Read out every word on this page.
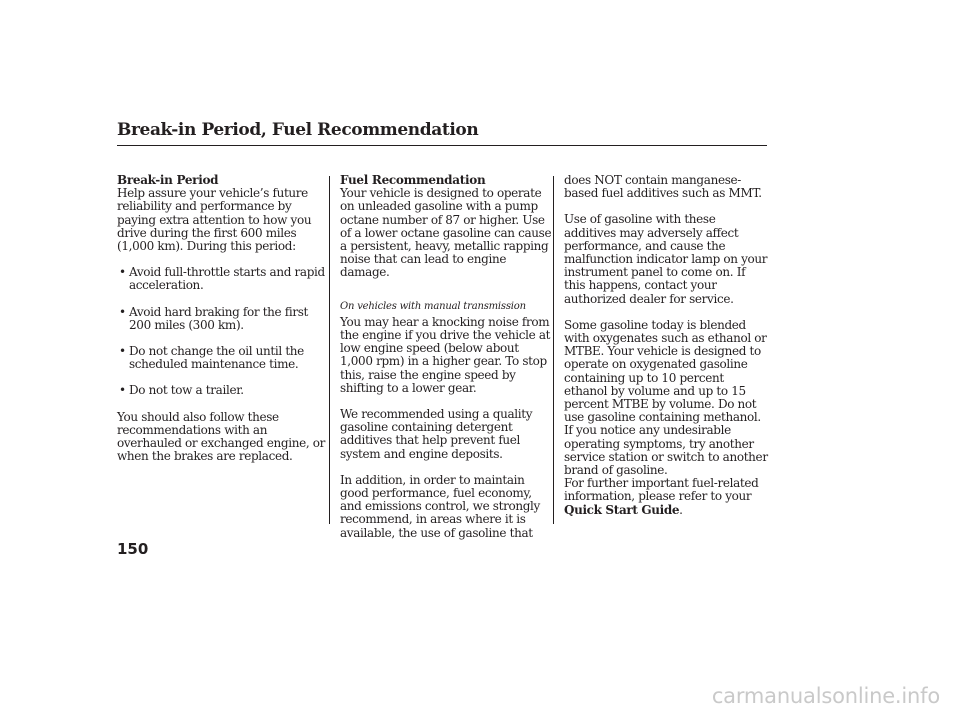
Break-in Period, Fuel Recommendation
Break-in Period

Help assure your vehicle’s future reliability and performance by paying extra attention to how you drive during the first 600 miles (1,000 km). During this period:

• Avoid full-throttle starts and rapid acceleration.
• Avoid hard braking for the first 200 miles (300 km).
• Do not change the oil until the scheduled maintenance time.
• Do not tow a trailer.

You should also follow these recommendations with an overhauled or exchanged engine, or when the brakes are replaced.

Fuel Recommendation

Your vehicle is designed to operate on unleaded gasoline with a pump octane number of 87 or higher. Use of a lower octane gasoline can cause a persistent, heavy, metallic rapping noise that can lead to engine damage.

On vehicles with manual transmission

You may hear a knocking noise from the engine if you drive the vehicle at low engine speed (below about 1,000 rpm) in a higher gear. To stop this, raise the engine speed by shifting to a lower gear.

We recommended using a quality gasoline containing detergent additives that help prevent fuel system and engine deposits.

In addition, in order to maintain good performance, fuel economy, and emissions control, we strongly recommend, in areas where it is available, the use of gasoline that

does NOT contain manganese-based fuel additives such as MMT.

Use of gasoline with these additives may adversely affect performance, and cause the malfunction indicator lamp on your instrument panel to come on. If this happens, contact your authorized dealer for service.

Some gasoline today is blended with oxygenates such as ethanol or MTBE. Your vehicle is designed to operate on oxygenated gasoline containing up to 10 percent ethanol by volume and up to 15 percent MTBE by volume. Do not use gasoline containing methanol.

If you notice any undesirable operating symptoms, try another service station or switch to another brand of gasoline.

For further important fuel-related information, please refer to your
Quick Start Guide.

150
carmanualsonline.info
